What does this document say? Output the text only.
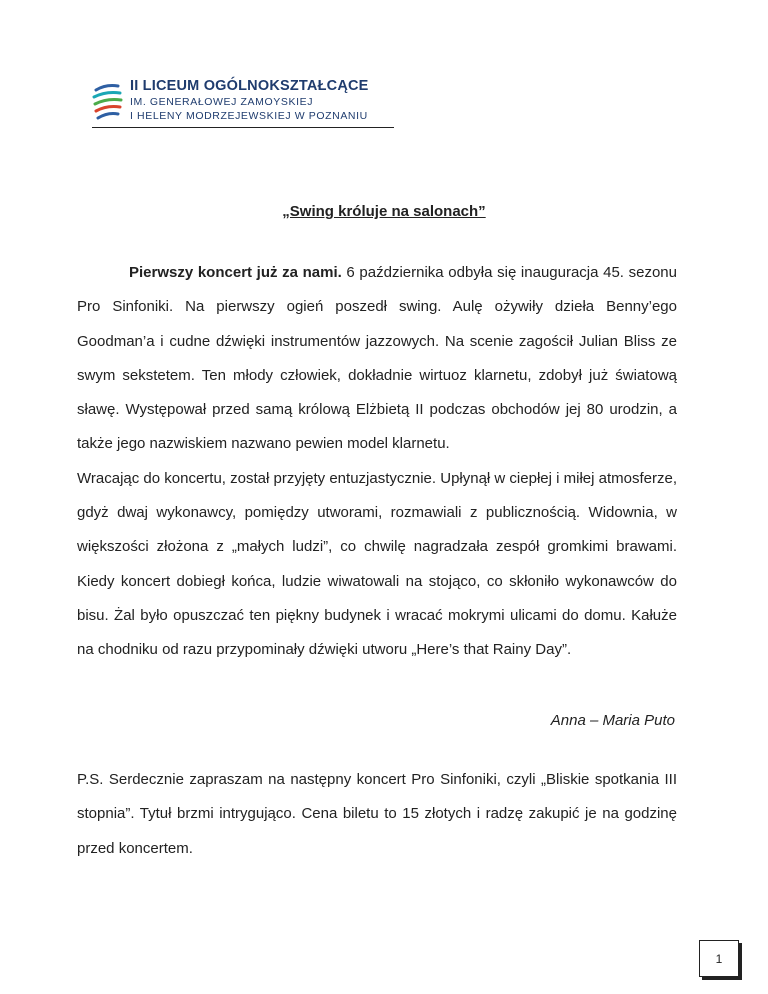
II LICEUM OGÓLNOKSZTAŁCĄCE
IM. GENERAŁOWEJ ZAMOYSKIEJ
I HELENY MODRZEJEWSKIEJ W POZNANIU
„Swing króluje na salonach”

Pierwszy koncert już za nami. 6 października odbyła się inauguracja 45. sezonu Pro Sinfoniki. Na pierwszy ogień poszedł swing. Aulę ożywiły dzieła Benny’ego Goodman’a i cudne dźwięki instrumentów jazzowych. Na scenie zagościł Julian Bliss ze swym sekstetem. Ten młody człowiek, dokładnie wirtuoz klarnetu, zdobył już światową sławę. Występował przed samą królową Elżbietą II podczas obchodów jej 80 urodzin, a także jego nazwiskiem nazwano pewien model klarnetu.

Wracając do koncertu, został przyjęty entuzjastycznie. Upłynął w ciepłej i miłej atmosferze, gdyż dwaj wykonawcy, pomiędzy utworami, rozmawiali z publicznością. Widownia, w większości złożona z „małych ludzi”, co chwilę nagradzała zespół gromkimi brawami. Kiedy koncert dobiegł końca, ludzie wiwatowali na stojąco, co skłoniło wykonawców do bisu. Żal było opuszczać ten piękny budynek i wracać mokrymi ulicami do domu. Kałuże na chodniku od razu przypominały dźwięki utworu „Here’s that Rainy Day”.

Anna – Maria Puto

P.S. Serdecznie zapraszam na następny koncert Pro Sinfoniki, czyli „Bliskie spotkania III stopnia”. Tytuł brzmi intrygująco. Cena biletu to 15 złotych i radzę zakupić je na godzinę przed koncertem.

1
